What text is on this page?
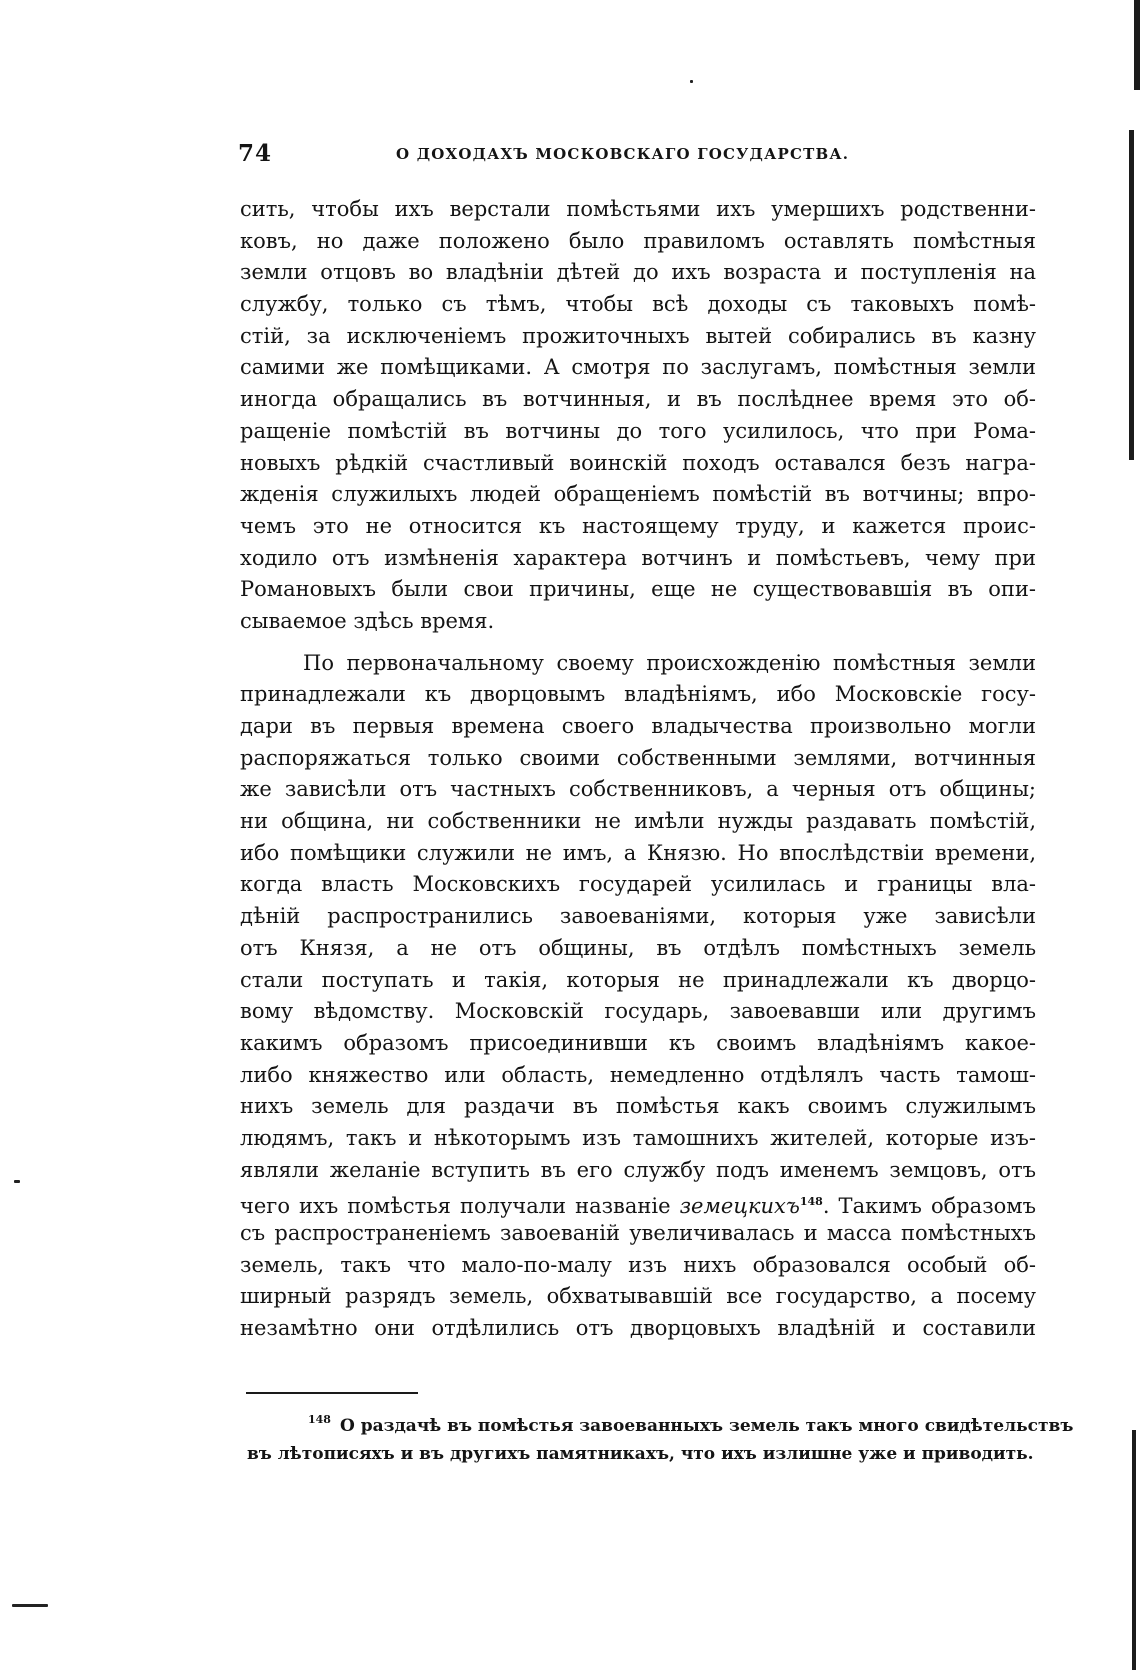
74	О ДОХОДАХЪ МОСКОВСКАГО ГОСУДАРСТВА.
сить, чтобы ихъ верстали помѣстьями ихъ умершихъ родственни-
ковъ, но даже положено было правиломъ оставлять помѣстныя
земли отцовъ во владѣніи дѣтей до ихъ возраста и поступленія на
службу, только съ тѣмъ, чтобы всѣ доходы съ таковыхъ помѣ-
стій, за исключеніемъ прожиточныхъ вытей собирались въ казну
самими же помѣщиками. А смотря по заслугамъ, помѣстныя земли
иногда обращались въ вотчинныя, и въ послѣднее время это об-
ращеніе помѣстій въ вотчины до того усилилось, что при Рома-
новыхъ рѣдкій счастливый воинскій походъ оставался безъ награ-
жденія служилыхъ людей обращеніемъ помѣстій въ вотчины; впро-
чемъ это не относится къ настоящему труду, и кажется проис-
ходило отъ измѣненія характера вотчинъ и помѣстьевъ, чему при
Романовыхъ были свои причины, еще не существовавшія въ опи-
сываемое здѣсь время.
По первоначальному своему происхожденію помѣстныя земли
принадлежали къ дворцовымъ владѣніямъ, ибо Московскіе госу-
дари въ первыя времена своего владычества произвольно могли
распоряжаться только своими собственными землями, вотчинныя
же зависѣли отъ частныхъ собственниковъ, а черныя отъ общины;
ни община, ни собственники не имѣли нужды раздавать помѣстій,
ибо помѣщики служили не имъ, а Князю. Но впослѣдствіи времени,
когда власть Московскихъ государей усилилась и границы вла-
дѣній распространились завоеваніями, которыя уже зависѣли
отъ Князя, а не отъ общины, въ отдѣлъ помѣстныхъ земель
стали поступать и такія, которыя не принадлежали къ дворцо-
вому вѣдомству. Московскій государь, завоевавши или другимъ
какимъ образомъ присоединивши къ своимъ владѣніямъ какое-
либо княжество или область, немедленно отдѣлялъ часть тамош-
нихъ земель для раздачи въ помѣстья какъ своимъ служилымъ
людямъ, такъ и нѣкоторымъ изъ тамошнихъ жителей, которые изъ-
являли желаніе вступить въ его службу подъ именемъ земцовъ, отъ
чего ихъ помѣстья получали названіе земецкихъ$^{148}$. Такимъ образомъ
съ распространеніемъ завоеваній увеличивалась и масса помѣстныхъ
земель, такъ что мало-по-малу изъ нихъ образовался особый об-
ширный разрядъ земель, обхватывавшій все государство, а посему
незамѣтно они отдѣлились отъ дворцовыхъ владѣній и составили
148 О раздачѣ въ помѣстья завоеванныхъ земель такъ много свидѣтельствъ
въ лѣтописяхъ и въ другихъ памятникахъ, что ихъ излишне уже и приводить.
